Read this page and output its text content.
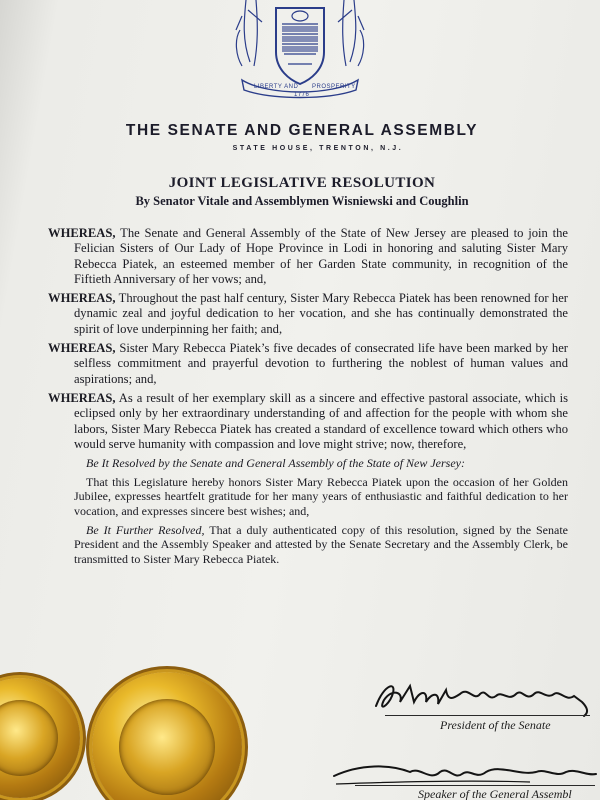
LIBERTY AND PROSPERITY
1776
THE SENATE AND GENERAL ASSEMBLY
STATE HOUSE, TRENTON, N.J.
JOINT LEGISLATIVE RESOLUTION
By Senator Vitale and Assemblymen Wisniewski and Coughlin

WHEREAS, The Senate and General Assembly of the State of New Jersey are pleased to join the Felician Sisters of Our Lady of Hope Province in Lodi in honoring and saluting Sister Mary Rebecca Piatek, an esteemed member of her Garden State community, in recognition of the Fiftieth Anniversary of her vows; and,

WHEREAS, Throughout the past half century, Sister Mary Rebecca Piatek has been renowned for her dynamic zeal and joyful dedication to her vocation, and she has continually demonstrated the spirit of love underpinning her faith; and,

WHEREAS, Sister Mary Rebecca Piatek’s five decades of consecrated life have been marked by her selfless commitment and prayerful devotion to furthering the noblest of human values and aspirations; and,

WHEREAS, As a result of her exemplary skill as a sincere and effective pastoral associate, which is eclipsed only by her extraordinary understanding of and affection for the people with whom she labors, Sister Mary Rebecca Piatek has created a standard of excellence toward which others who would serve humanity with compassion and love might strive; now, therefore,

Be It Resolved by the Senate and General Assembly of the State of New Jersey:

That this Legislature hereby honors Sister Mary Rebecca Piatek upon the occasion of her Golden Jubilee, expresses heartfelt gratitude for her many years of enthusiastic and faithful dedication to her vocation, and expresses sincere best wishes; and,

Be It Further Resolved, That a duly authenticated copy of this resolution, signed by the Senate President and the Assembly Speaker and attested by the Senate Secretary and the Assembly Clerk, be transmitted to Sister Mary Rebecca Piatek.

President of the Senate
Speaker of the General Assembl
